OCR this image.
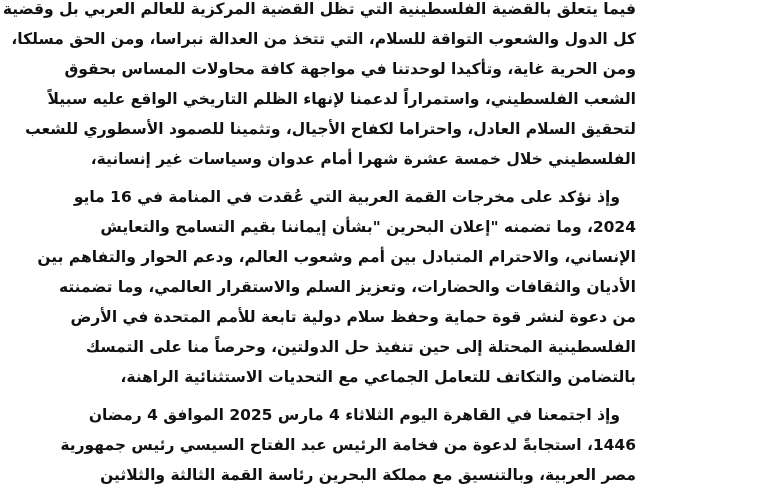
فيما يتعلق بالقضية الفلسطينية التي تظل القضية المركزية للعالم العربي بل وقضية
كل الدول والشعوب التواقة للسلام، التي تتخذ من العدالة نبراسا، ومن الحق مسلكا،
ومن الحرية غاية، وتأكيدا لوحدتنا في مواجهة كافة محاولات المساس بحقوق
الشعب الفلسطيني، واستمراراً لدعمنا لإنهاء الظلم التاريخي الواقع عليه سبيلاً
لتحقيق السلام العادل، واحتراما لكفاح الأجيال، وتثمينا للصمود الأسطوري للشعب
الفلسطيني خلال خمسة عشرة شهرا أمام عدوان وسياسات غير إنسانية،
وإذ نؤكد على مخرجات القمة العربية التي عُقدت في المنامة في 16 مايو
2024، وما تضمنه "إعلان البحرين "بشأن إيماننا بقيم التسامح والتعايش
الإنساني، والاحترام المتبادل بين أمم وشعوب العالم، ودعم الحوار والتفاهم بين
الأديان والثقافات والحضارات، وتعزيز السلم والاستقرار العالمي، وما تضمنته
من دعوة لنشر قوة حماية وحفظ سلام دولية تابعة للأمم المتحدة في الأرض
الفلسطينية المحتلة إلى حين تنفيذ حل الدولتين، وحرصاً منا على التمسك
بالتضامن والتكاتف للتعامل الجماعي مع التحديات الاستثنائية الراهنة،
وإذ اجتمعنا في القاهرة اليوم الثلاثاء 4 مارس 2025 الموافق 4 رمضان
1446، استجابةً لدعوة من فخامة الرئيس عبد الفتاح السيسي رئيس جمهورية
مصر العربية، وبالتنسيق مع مملكة البحرين رئاسة القمة الثالثة والثلاثين
